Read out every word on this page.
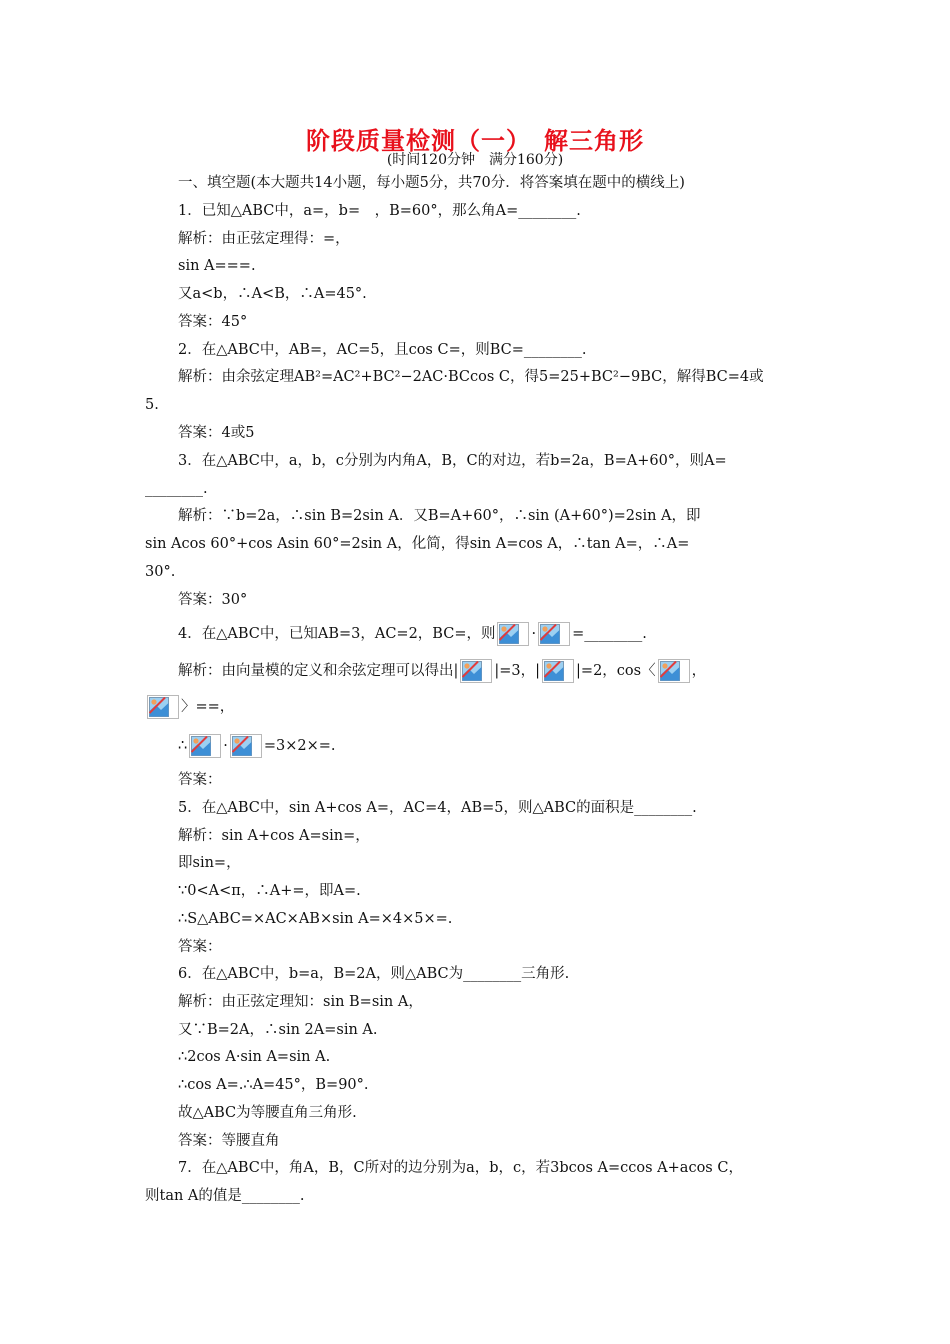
阶段质量检测（一）　解三角形
(时间120分钟　满分160分)
一、填空题(本大题共14小题，每小题5分，共70分．将答案填在题中的横线上)
1．已知△ABC中，a=，b=　，B=60°，那么角A=________.
解析：由正弦定理得：=，
sin A===.
又a<b，∴A<B，∴A=45°.
答案：45°
2．在△ABC中，AB=，AC=5，且cos C=，则BC=________.
解析：由余弦定理AB²=AC²+BC²−2AC·BCcos C，得5=25+BC²−9BC，解得BC=4或
5.
答案：4或5
3．在△ABC中，a，b，c分别为内角A，B，C的对边，若b=2a，B=A+60°，则A=
________.
解析：∵b=2a，∴sin B=2sin A．又B=A+60°，∴sin (A+60°)=2sin A，即
sin Acos 60°+cos Asin 60°=2sin A，化简，得sin A=cos A，∴tan A=，∴A=
30°.
答案：30°
4．在△ABC中，已知AB=3，AC=2，BC=，则 · =________.
解析：由向量模的定义和余弦定理可以得出| |=3，| |=2，cos〈 ，
〉==，
∴ · =3×2×=.
答案：
5．在△ABC中，sin A+cos A=，AC=4，AB=5，则△ABC的面积是________.
解析：sin A+cos A=sin=，
即sin=，
∵0<A<π，∴A+=，即A=.
∴S△ABC=×AC×AB×sin A=×4×5×=.
答案：
6．在△ABC中，b=a，B=2A，则△ABC为________三角形.
解析：由正弦定理知：sin B=sin A，
又∵B=2A，∴sin 2A=sin A.
∴2cos A·sin A=sin A.
∴cos A=.∴A=45°，B=90°.
故△ABC为等腰直角三角形.
答案：等腰直角
7．在△ABC中，角A，B，C所对的边分别为a，b，c，若3bcos A=ccos A+acos C，
则tan A的值是________.
